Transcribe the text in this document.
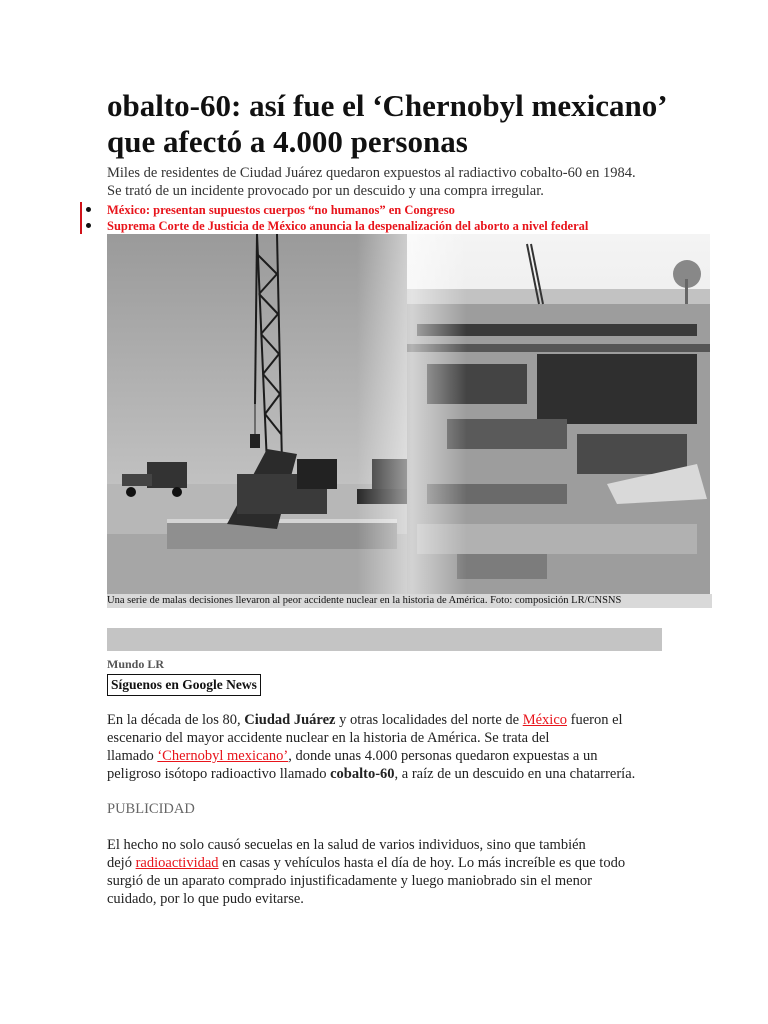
obalto-60: así fue el ‘Chernobyl mexicano’
que afectó a 4.000 personas

Miles de residentes de Ciudad Juárez quedaron expuestos al radiactivo cobalto-60 en 1984.
Se trató de un incidente provocado por un descuido y una compra irregular.

México: presentan supuestos cuerpos “no humanos” en Congreso
Suprema Corte de Justicia de México anuncia la despenalización del aborto a nivel federal
Una serie de malas decisiones llevaron al peor accidente nuclear en la historia de América. Foto: composición LR/CNSNS
Mundo LR
Síguenos en Google News

En la década de los 80, Ciudad Juárez y otras localidades del norte de México fueron el
escenario del mayor accidente nuclear en la historia de América. Se trata del
llamado ‘Chernobyl mexicano’, donde unas 4.000 personas quedaron expuestas a un
peligroso isótopo radioactivo llamado cobalto-60, a raíz de un descuido en una chatarrería.

PUBLICIDAD

El hecho no solo causó secuelas en la salud de varios individuos, sino que también
dejó radioactividad en casas y vehículos hasta el día de hoy. Lo más increíble es que todo
surgió de un aparato comprado injustificadamente y luego maniobrado sin el menor
cuidado, por lo que pudo evitarse.
